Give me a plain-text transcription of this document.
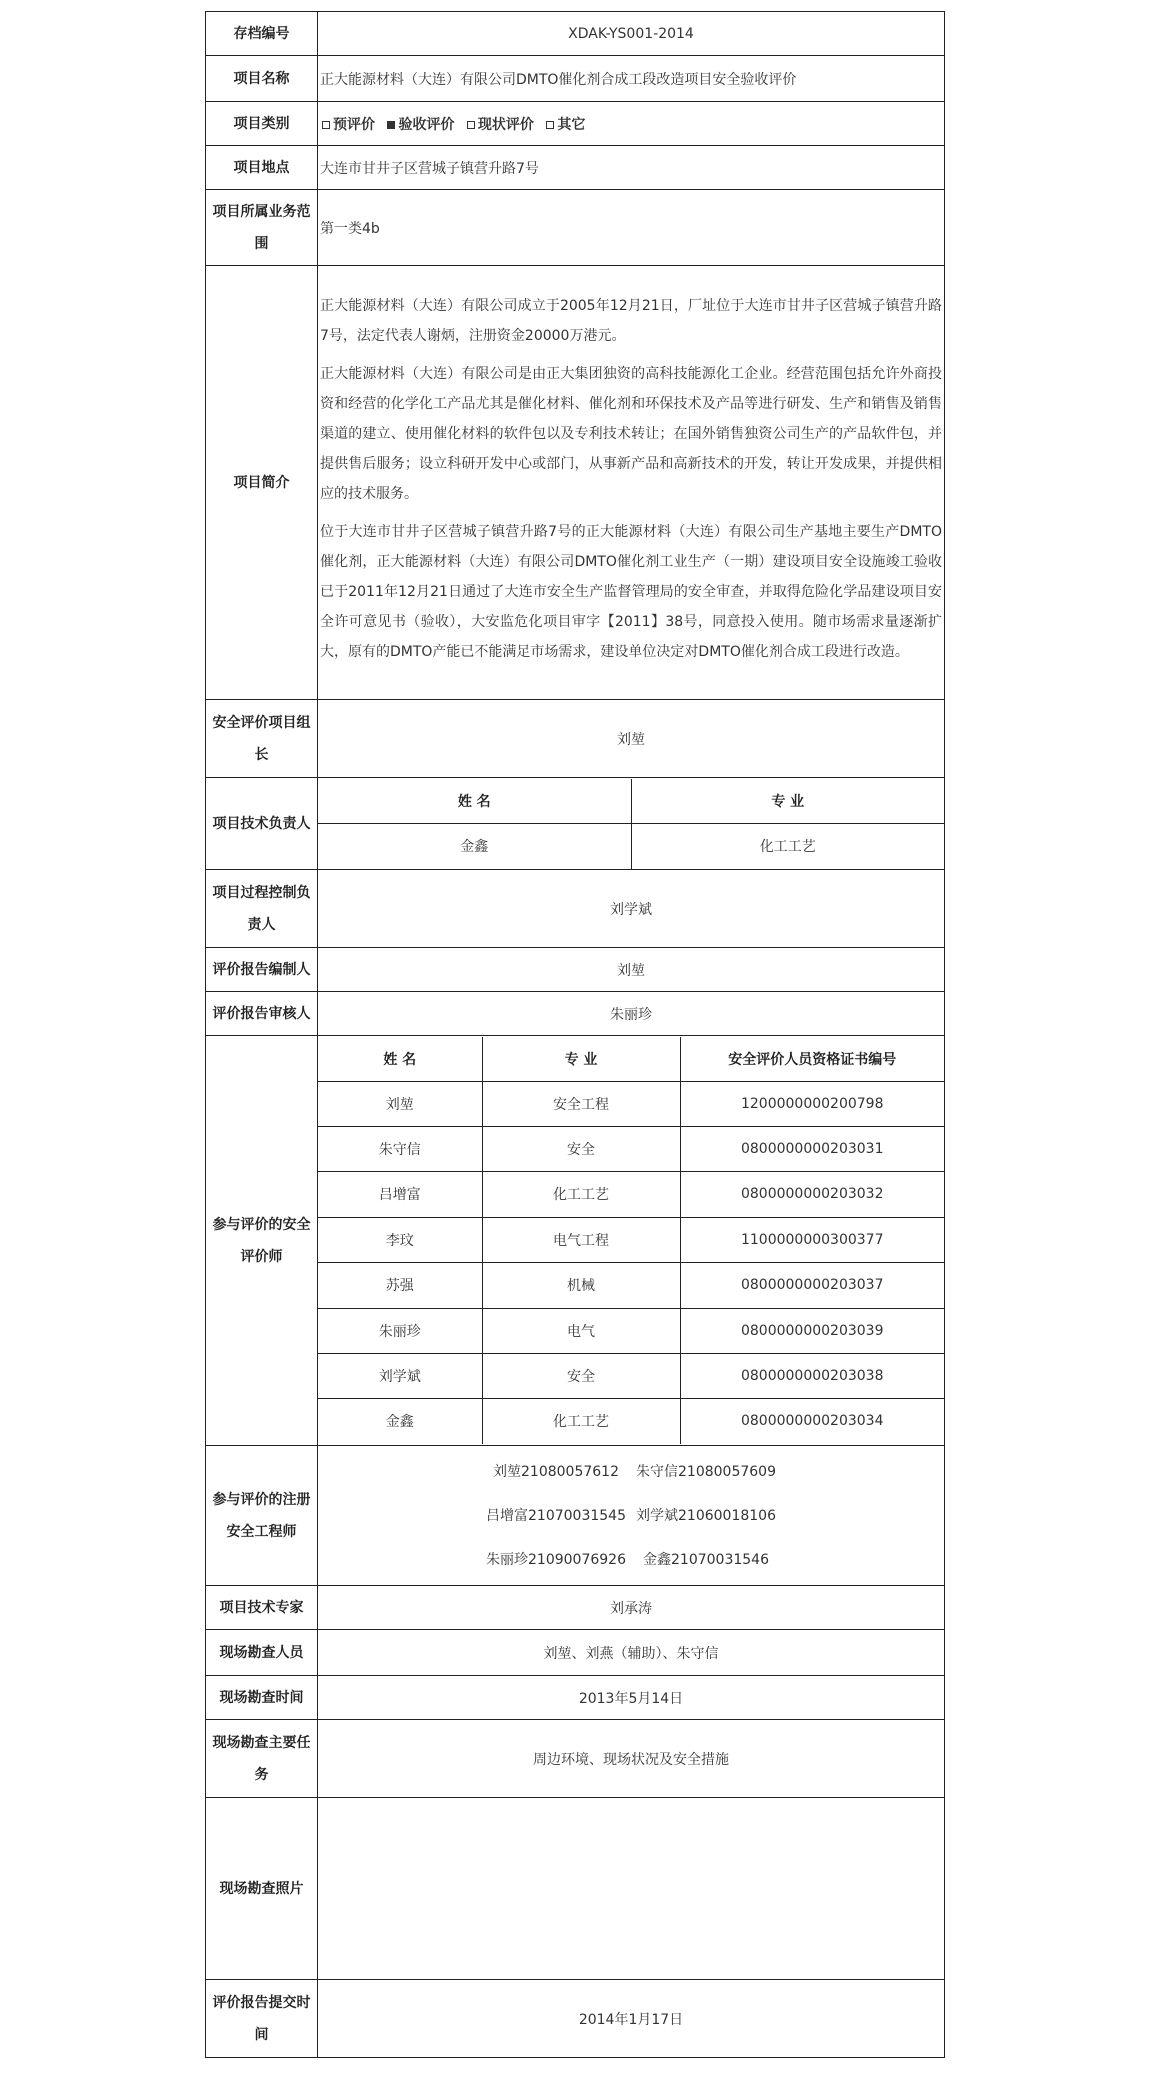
存档编号	XDAK-YS001-2014
项目名称	正大能源材料（大连）有限公司DMTO催化剂合成工段改造项目安全验收评价
项目类别	预评价 验收评价 现状评价 其它
项目地点	大连市甘井子区营城子镇营升路7号
项目所属业务范围	第一类4b
项目简介	

正大能源材料（大连）有限公司成立于2005年12月21日，厂址位于大连市甘井子区营城子镇营升路7号，法定代表人谢炳，注册资金20000万港元。

正大能源材料（大连）有限公司是由正大集团独资的高科技能源化工企业。经营范围包括允许外商投资和经营的化学化工产品尤其是催化材料、催化剂和环保技术及产品等进行研发、生产和销售及销售渠道的建立、使用催化材料的软件包以及专利技术转让；在国外销售独资公司生产的产品软件包，并提供售后服务；设立科研开发中心或部门，从事新产品和高新技术的开发，转让开发成果，并提供相应的技术服务。

位于大连市甘井子区营城子镇营升路7号的正大能源材料（大连）有限公司生产基地主要生产DMTO催化剂，正大能源材料（大连）有限公司DMTO催化剂工业生产（一期）建设项目安全设施竣工验收已于2011年12月21日通过了大连市安全生产监督管理局的安全审查，并取得危险化学品建设项目安全许可意见书（验收），大安监危化项目审字【2011】38号，同意投入使用。随市场需求量逐渐扩大，原有的DMTO产能已不能满足市场需求，建设单位决定对DMTO催化剂合成工段进行改造。

安全评价项目组长	刘堃
项目技术负责人	
姓 名	专 业
金鑫	化工工艺

项目过程控制负责人	刘学斌
评价报告编制人	刘堃
评价报告审核人	朱丽珍
参与评价的安全评价师	
姓 名	专 业	安全评价人员资格证书编号
刘堃	安全工程	1200000000200798
朱守信	安全	0800000000203031
吕增富	化工工艺	0800000000203032
李玟	电气工程	1100000000300377
苏强	机械	0800000000203037
朱丽珍	电气	0800000000203039
刘学斌	安全	0800000000203038
金鑫	化工工艺	0800000000203034

参与评价的注册安全工程师	
刘堃21080057612 朱守信21080057609
吕增富21070031545 刘学斌21060018106
朱丽珍21090076926 金鑫21070031546

项目技术专家	刘承涛
现场勘查人员	刘堃、刘燕（辅助）、朱守信
现场勘查时间	2013年5月14日
现场勘查主要任务	周边环境、现场状况及安全措施
现场勘查照片	
评价报告提交时间	2014年1月17日
